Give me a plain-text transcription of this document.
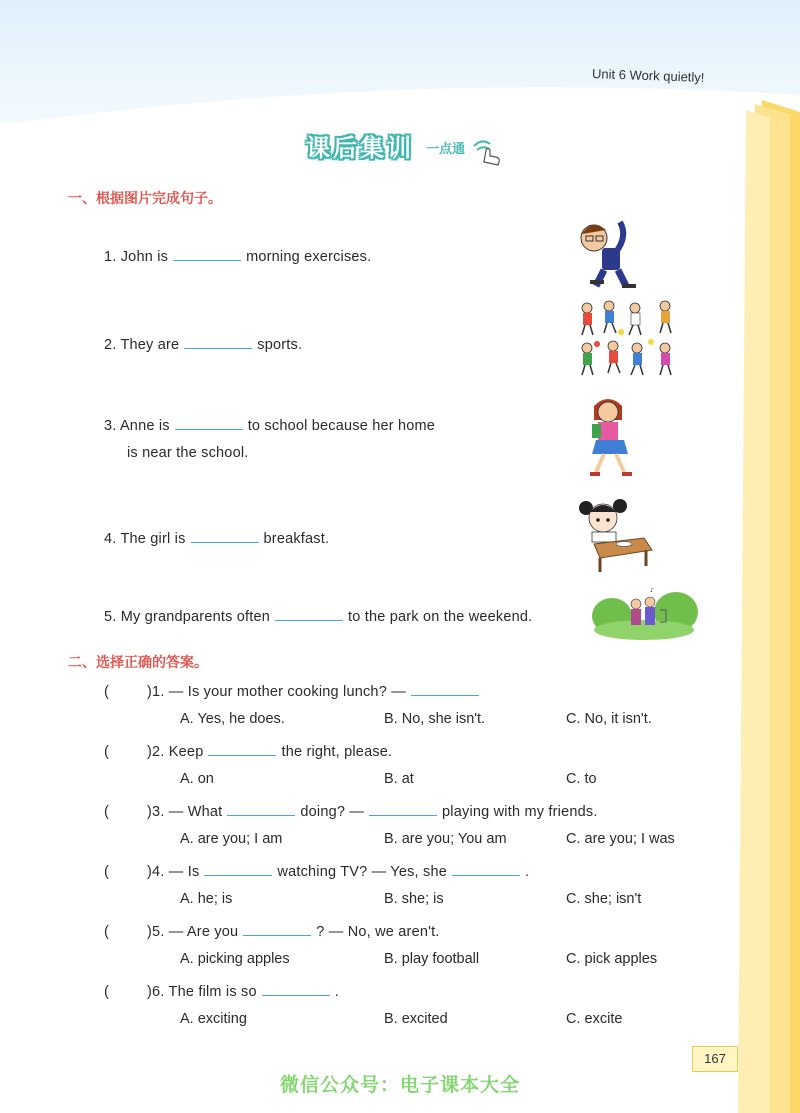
Unit 6 Work quietly!
课后集训 一点通
一、根据图片完成句子。
1. John is	morning exercises.
2. They are	sports.
3. Anne is	to school because her home
is near the school.
4. The girl is	breakfast.
5. My grandparents often	to the park on the weekend.
♪
二、选择正确的答案。
(	)1. — Is your mother cooking lunch? —
A. Yes, he does.	B. No, she isn't.	C. No, it isn't.
(	)2. Keep	the right, please.
A. on	B. at	C. to
(	)3. — What	doing? —	playing with my friends.
A. are you; I am	B. are you; You am	C. are you; I was
(	)4. — Is	watching TV? — Yes, she	.
A. he; is	B. she; is	C. she; isn't
(	)5. — Are you	? — No, we aren't.
A. picking apples	B. play football	C. pick apples
(	)6. The film is so	.
A. exciting	B. excited	C. excite
167
微信公众号：电子课本大全
